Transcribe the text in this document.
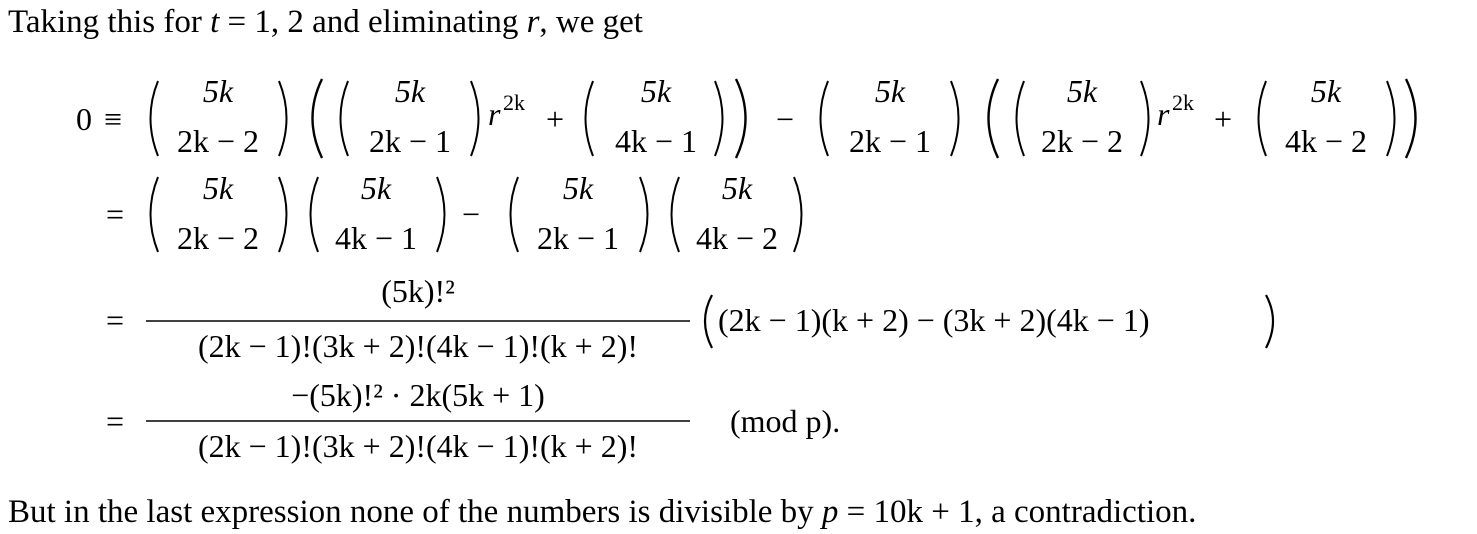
Taking this for t = 1, 2 and eliminating r, we get
0 ≡
5k
2k − 2
5k
2k − 1
r 2k +
5k
4k − 1
−
5k
2k − 1
5k
2k − 2
r 2k +
5k
4k − 2
=
5k
2k − 2
5k
4k − 1
−
5k
2k − 1
5k
4k − 2
=
(5k)!²
(2k − 1)!(3k + 2)!(4k − 1)!(k + 2)!
(2k − 1)(k + 2) − (3k + 2)(4k − 1)
=
−(5k)!² · 2k(5k + 1)
(2k − 1)!(3k + 2)!(4k − 1)!(k + 2)!
(mod p).
But in the last expression none of the numbers is divisible by p = 10k + 1, a contradiction.
